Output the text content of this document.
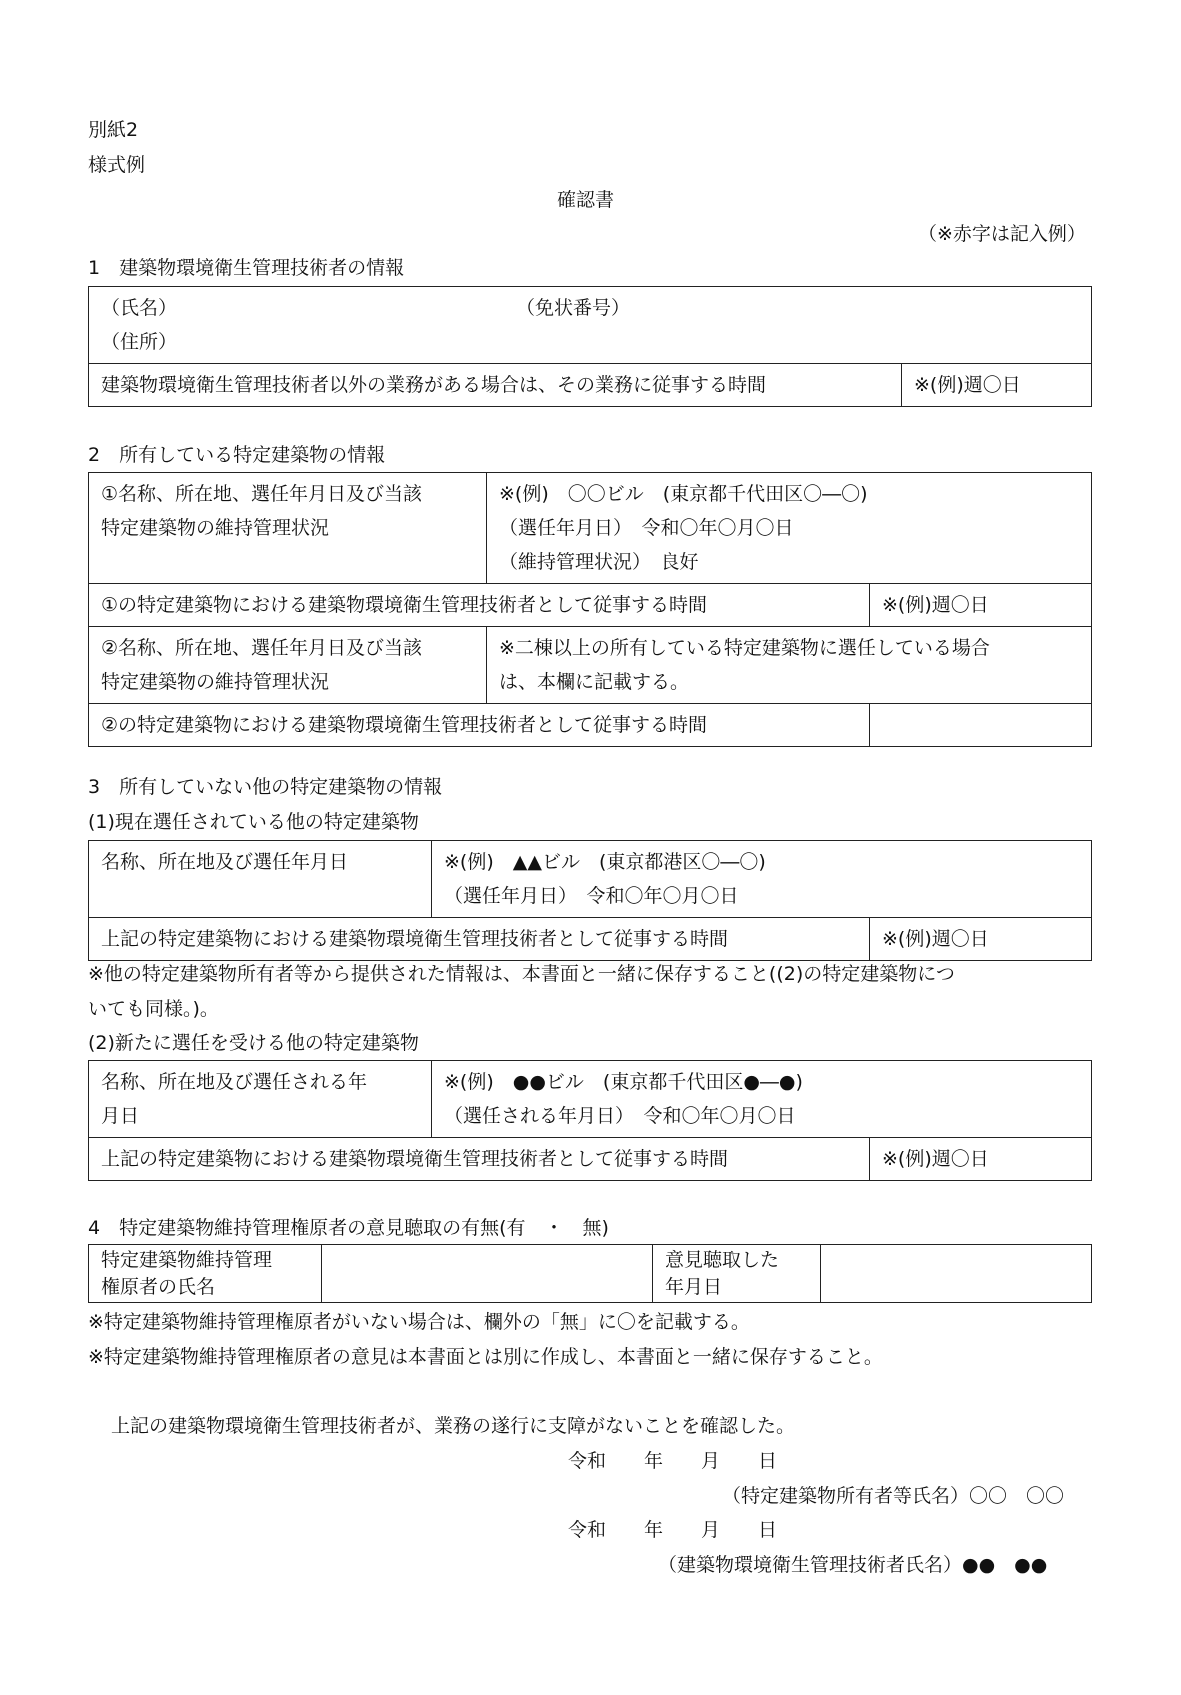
別紙2
様式例
確認書
（※赤字は記入例）
1　建築物環境衛生管理技術者の情報
（氏名）	（免状番号）
（住所）
建築物環境衛生管理技術者以外の業務がある場合は、その業務に従事する時間	※(例)週〇日
2　所有している特定建築物の情報
①名称、所在地、選任年月日及び当該
特定建築物の維持管理状況	※(例)　〇〇ビル　(東京都千代田区〇―〇)
（選任年月日）　令和〇年〇月〇日
（維持管理状況）　良好	
①の特定建築物における建築物環境衛生管理技術者として従事する時間		※(例)週〇日
②名称、所在地、選任年月日及び当該
特定建築物の維持管理状況	※二棟以上の所有している特定建築物に選任している場合
は、本欄に記載する。	
②の特定建築物における建築物環境衛生管理技術者として従事する時間		
3　所有していない他の特定建築物の情報
(1)現在選任されている他の特定建築物
名称、所在地及び選任年月日	※(例)　▲▲ビル　(東京都港区〇―〇)
（選任年月日）　令和〇年〇月〇日	
上記の特定建築物における建築物環境衛生管理技術者として従事する時間		※(例)週〇日
※他の特定建築物所有者等から提供された情報は、本書面と一緒に保存すること((2)の特定建築物につ
いても同様。)。
(2)新たに選任を受ける他の特定建築物
名称、所在地及び選任される年
月日	※(例)　●●ビル　(東京都千代田区●―●)
（選任される年月日）　令和〇年〇月〇日	
上記の特定建築物における建築物環境衛生管理技術者として従事する時間		※(例)週〇日
4　特定建築物維持管理権原者の意見聴取の有無(有　・　無)
特定建築物維持管理
権原者の氏名		意見聴取した
年月日	
※特定建築物維持管理権原者がいない場合は、欄外の「無」に〇を記載する。
※特定建築物維持管理権原者の意見は本書面とは別に作成し、本書面と一緒に保存すること。
上記の建築物環境衛生管理技術者が、業務の遂行に支障がないことを確認した。
令和　　年　　月　　日
（特定建築物所有者等氏名）〇〇　〇〇
令和　　年　　月　　日
（建築物環境衛生管理技術者氏名）●●　●●
